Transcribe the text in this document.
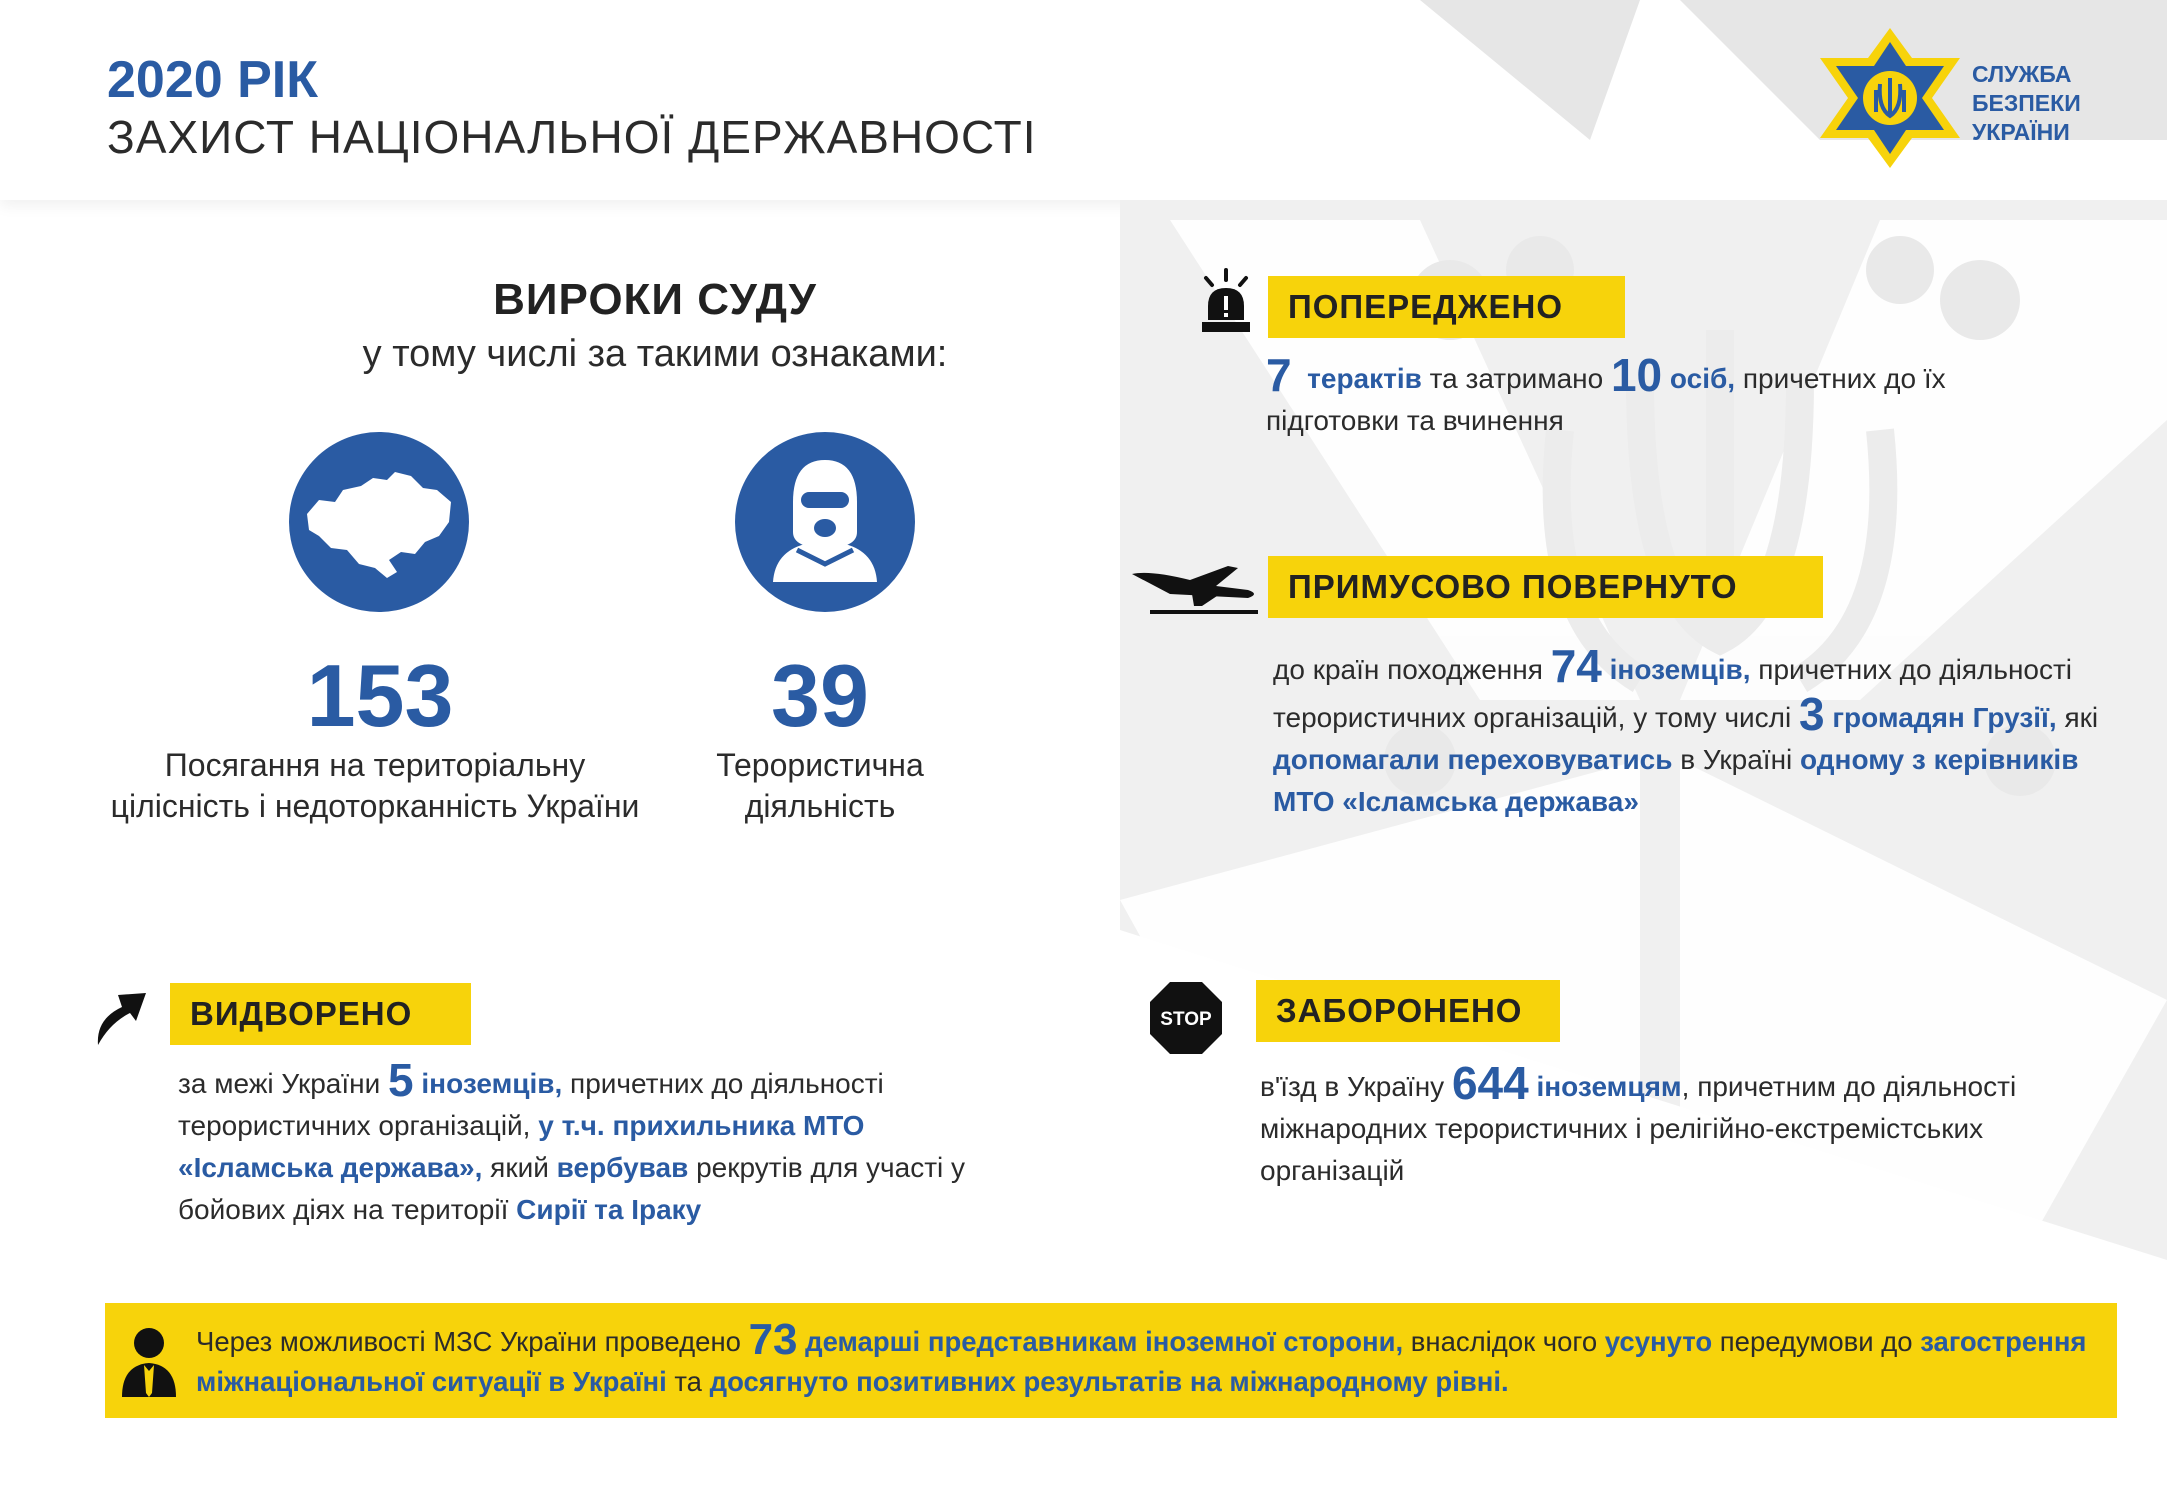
2020 РІК
ЗАХИСТ НАЦІОНАЛЬНОЇ ДЕРЖАВНОСТІ
СЛУЖБА
БЕЗПЕКИ
УКРАЇНИ
ВИРОКИ СУДУ
у тому числі за такими ознаками:
153	39
Посягання на територіальну цілісність і недоторканність України
Терористична діяльність
ПОПЕРЕДЖЕНО
7 терактів та затримано 10 осіб, причетних до їх підготовки та вчинення
ПРИМУСОВО ПОВЕРНУТО
до країн походження 74 іноземців, причетних до діяльності терористичних організацій, у тому числі 3 громадян Грузії, які допомагали переховуватись в Україні одному з керівників МТО «Ісламська держава»
ВИДВОРЕНО
за межі України 5 іноземців, причетних до діяльності терористичних організацій, у т.ч. прихильника МТО «Ісламська держава», який вербував рекрутів для участі у бойових діях на території Сирії та Іраку
STOP	ЗАБОРОНЕНО
в'їзд в Україну 644 іноземцям, причетним до діяльності міжнародних терористичних і релігійно-екстремістських організацій
Через можливості МЗС України проведено 73 демарші представникам іноземної сторони, внаслідок чого усунуто передумови до загострення міжнаціональної ситуації в Україні та досягнуто позитивних результатів на міжнародному рівні.
